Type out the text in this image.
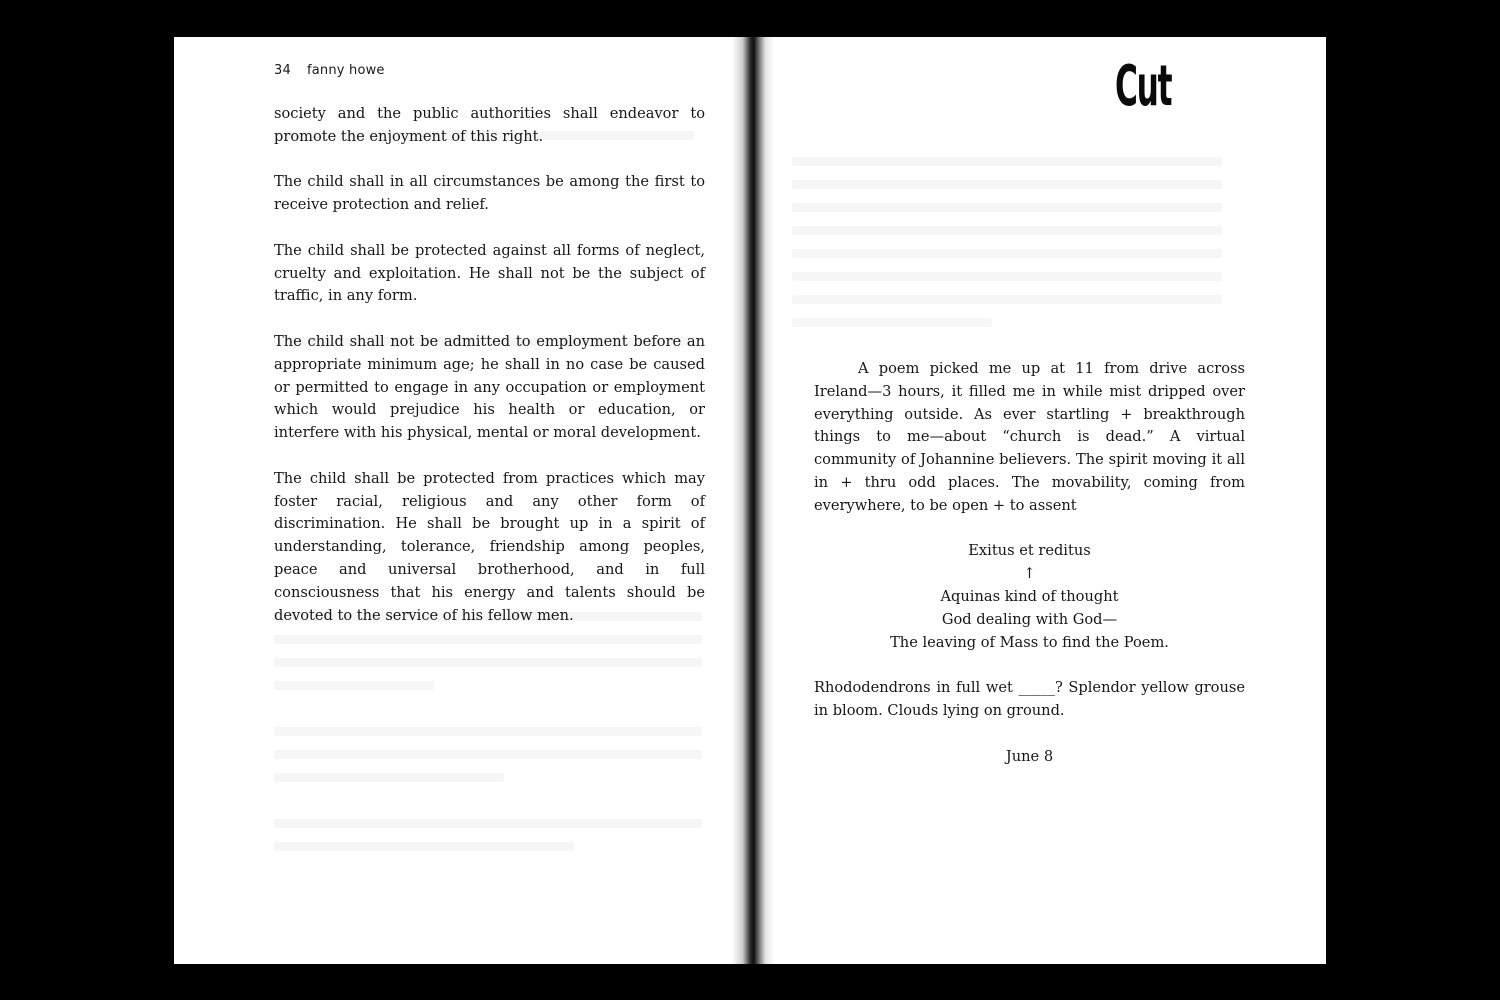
34 fanny howe

society and the public authorities shall endeavor to promote the enjoyment of this right.

The child shall in all circumstances be among the first to receive protection and relief.

The child shall be protected against all forms of neglect, cruelty and exploitation. He shall not be the subject of traffic, in any form.

The child shall not be admitted to employment before an appropriate minimum age; he shall in no case be caused or permitted to engage in any occupation or employment which would prejudice his health or education, or interfere with his physical, mental or moral development.

The child shall be protected from practices which may foster racial, religious and any other form of discrimination. He shall be brought up in a spirit of understanding, tolerance, friendship among peoples, peace and universal brotherhood, and in full consciousness that his energy and talents should be devoted to the service of his fellow men.

Cut

A poem picked me up at 11 from drive across Ireland—3 hours, it filled me in while mist dripped over everything outside. As ever startling + breakthrough things to me—about “church is dead.” A virtual community of Johannine believers. The spirit moving it all in + thru odd places. The movability, coming from everywhere, to be open + to assent

Exitus et reditus
↑
Aquinas kind of thought
God dealing with God—
The leaving of Mass to find the Poem.

Rhododendrons in full wet _____? Splendor yellow grouse in bloom. Clouds lying on ground.

June 8
